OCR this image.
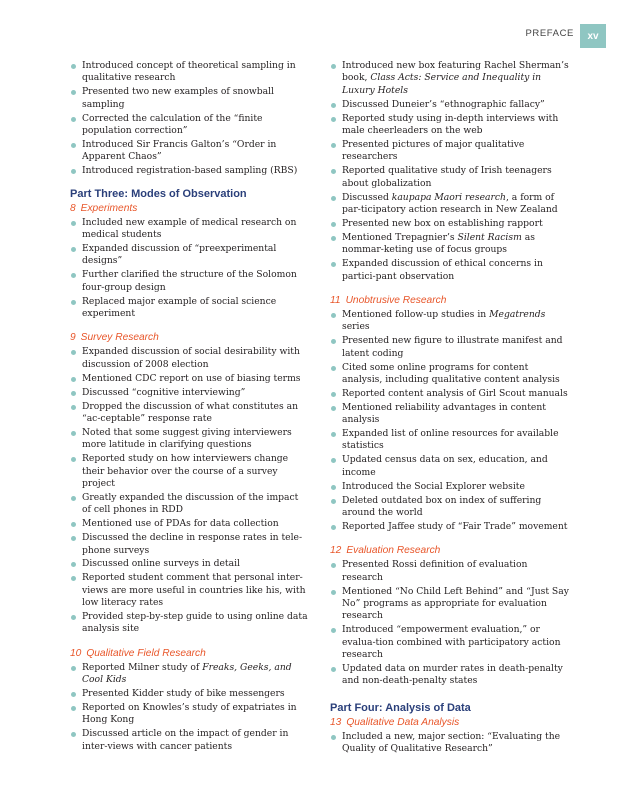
PREFACE	xv
Introduced concept of theoretical sampling in qualitative research
Presented two new examples of snowball sampling
Corrected the calculation of the “finite population correction”
Introduced Sir Francis Galton’s “Order in Apparent Chaos”
Introduced registration-based sampling (RBS)
Part Three: Modes of Observation
8 Experiments
Included new example of medical research on medical students
Expanded discussion of “preexperimental designs”
Further clarified the structure of the Solomon four-group design
Replaced major example of social science experiment
9 Survey Research
Expanded discussion of social desirability with discussion of 2008 election
Mentioned CDC report on use of biasing terms
Discussed “cognitive interviewing”
Dropped the discussion of what constitutes an “ac-ceptable” response rate
Noted that some suggest giving interviewers more latitude in clarifying questions
Reported study on how interviewers change their behavior over the course of a survey project
Greatly expanded the discussion of the impact of cell phones in RDD
Mentioned use of PDAs for data collection
Discussed the decline in response rates in tele-phone surveys
Discussed online surveys in detail
Reported student comment that personal inter-views are more useful in countries like his, with low literacy rates
Provided step-by-step guide to using online data analysis site
10 Qualitative Field Research
Reported Milner study of Freaks, Geeks, and Cool Kids
Presented Kidder study of bike messengers
Reported on Knowles’s study of expatriates in Hong Kong
Discussed article on the impact of gender in inter-views with cancer patients
Introduced new box featuring Rachel Sherman’s book, Class Acts: Service and Inequality in Luxury Hotels
Discussed Duneier’s “ethnographic fallacy”
Reported study using in-depth interviews with male cheerleaders on the web
Presented pictures of major qualitative researchers
Reported qualitative study of Irish teenagers about globalization
Discussed kaupapa Maori research, a form of par-ticipatory action research in New Zealand
Presented new box on establishing rapport
Mentioned Trepagnier’s Silent Racism as nommar-keting use of focus groups
Expanded discussion of ethical concerns in partici-pant observation
11 Unobtrusive Research
Mentioned follow-up studies in Megatrends series
Presented new figure to illustrate manifest and latent coding
Cited some online programs for content analysis, including qualitative content analysis
Reported content analysis of Girl Scout manuals
Mentioned reliability advantages in content analysis
Expanded list of online resources for available statistics
Updated census data on sex, education, and income
Introduced the Social Explorer website
Deleted outdated box on index of suffering around the world
Reported Jaffee study of “Fair Trade” movement
12 Evaluation Research
Presented Rossi definition of evaluation research
Mentioned “No Child Left Behind” and “Just Say No” programs as appropriate for evaluation research
Introduced “empowerment evaluation,” or evalua-tion combined with participatory action research
Updated data on murder rates in death-penalty and non-death-penalty states
Part Four: Analysis of Data
13 Qualitative Data Analysis
Included a new, major section: “Evaluating the Quality of Qualitative Research”
